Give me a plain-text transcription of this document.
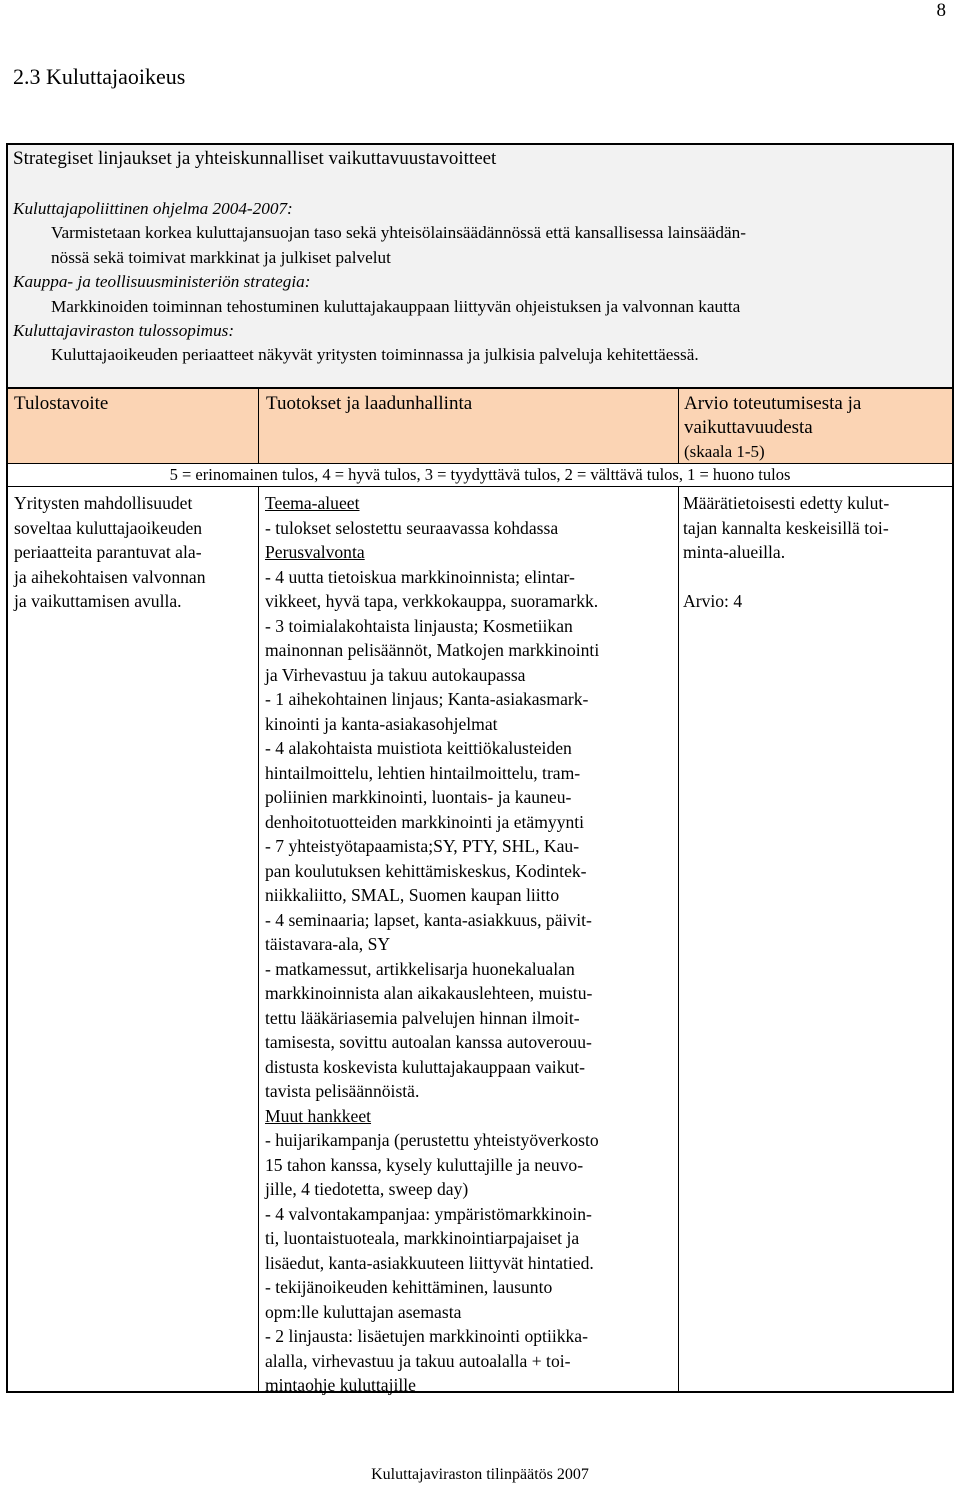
8
2.3 Kuluttajaoikeus
Strategiset linjaukset ja yhteiskunnalliset vaikuttavuustavoitteet
Kuluttajapoliittinen ohjelma 2004-2007:
Varmistetaan korkea kuluttajansuojan taso sekä yhteisölainsäädännössä että kansallisessa lainsäädän-
nössä sekä toimivat markkinat ja julkiset palvelut
Kauppa- ja teollisuusministeriön strategia:
Markkinoiden toiminnan tehostuminen kuluttajakauppaan liittyvän ohjeistuksen ja valvonnan kautta
Kuluttajaviraston tulossopimus:
Kuluttajaoikeuden periaatteet näkyvät yritysten toiminnassa ja julkisia palveluja kehitettäessä.
Tulostavoite	Tuotokset ja laadunhallinta	Arvio toteutumisesta ja
vaikuttavuudesta
(skaala 1-5)
5 = erinomainen tulos, 4 = hyvä tulos, 3 = tyydyttävä tulos, 2 = välttävä tulos, 1 = huono tulos
Yritysten mahdollisuudet
soveltaa kuluttajaoikeuden
periaatteita parantuvat ala-
ja aihekohtaisen valvonnan
ja vaikuttamisen avulla.
Teema-alueet
- tulokset selostettu seuraavassa kohdassa
Perusvalvonta
- 4 uutta tietoiskua markkinoinnista; elintar-
vikkeet, hyvä tapa, verkkokauppa, suoramarkk.
- 3 toimialakohtaista linjausta; Kosmetiikan
mainonnan pelisäännöt, Matkojen markkinointi
ja Virhevastuu ja takuu autokaupassa
- 1 aihekohtainen linjaus; Kanta-asiakasmark-
kinointi ja kanta-asiakasohjelmat
- 4 alakohtaista muistiota keittiökalusteiden
hintailmoittelu, lehtien hintailmoittelu, tram-
poliinien markkinointi, luontais- ja kauneu-
denhoitotuotteiden markkinointi ja etämyynti
- 7 yhteistyötapaamista;SY, PTY, SHL, Kau-
pan koulutuksen kehittämiskeskus, Kodintek-
niikkaliitto, SMAL, Suomen kaupan liitto
- 4 seminaaria; lapset, kanta-asiakkuus, päivit-
täistavara-ala, SY
- matkamessut, artikkelisarja huonekalualan
markkinoinnista alan aikakauslehteen, muistu-
tettu lääkäriasemia palvelujen hinnan ilmoit-
tamisesta, sovittu autoalan kanssa autoverouu-
distusta koskevista kuluttajakauppaan vaikut-
tavista pelisäännöistä.
Muut hankkeet
- huijarikampanja (perustettu yhteistyöverkosto
15 tahon kanssa, kysely kuluttajille ja neuvo-
jille, 4 tiedotetta, sweep day)
- 4 valvontakampanjaa: ympäristömarkkinoin-
ti, luontaistuoteala, markkinointiarpajaiset ja
lisäedut, kanta-asiakkuuteen liittyvät hintatied.
- tekijänoikeuden kehittäminen, lausunto
opm:lle kuluttajan asemasta
- 2 linjausta: lisäetujen markkinointi optiikka-
alalla, virhevastuu ja takuu autoalalla + toi-
mintaohje kuluttajille
Määrätietoisesti edetty kulut-
tajan kannalta keskeisillä toi-
minta-alueilla.
Arvio: 4
Kuluttajaviraston tilinpäätös 2007
